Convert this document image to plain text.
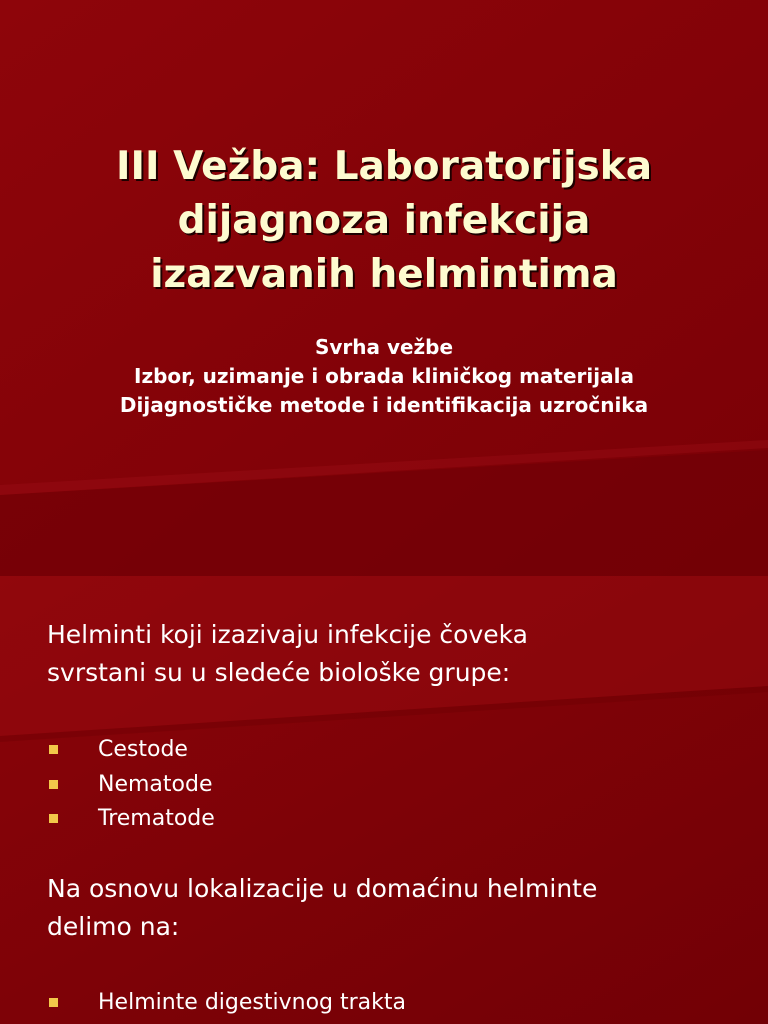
III Vežba: Laboratorijska
dijagnoza infekcija
izazvanih helmintima
Svrha vežbe
Izbor, uzimanje i obrada kliničkog materijala
Dijagnostičke metode i identifikacija uzročnika

Helminti koji izazivaju infekcije čoveka
svrstani su u sledeće biološke grupe:

Cestode
Nematode
Trematode

Na osnovu lokalizacije u domaćinu helminte
delimo na:

Helminte digestivnog trakta
